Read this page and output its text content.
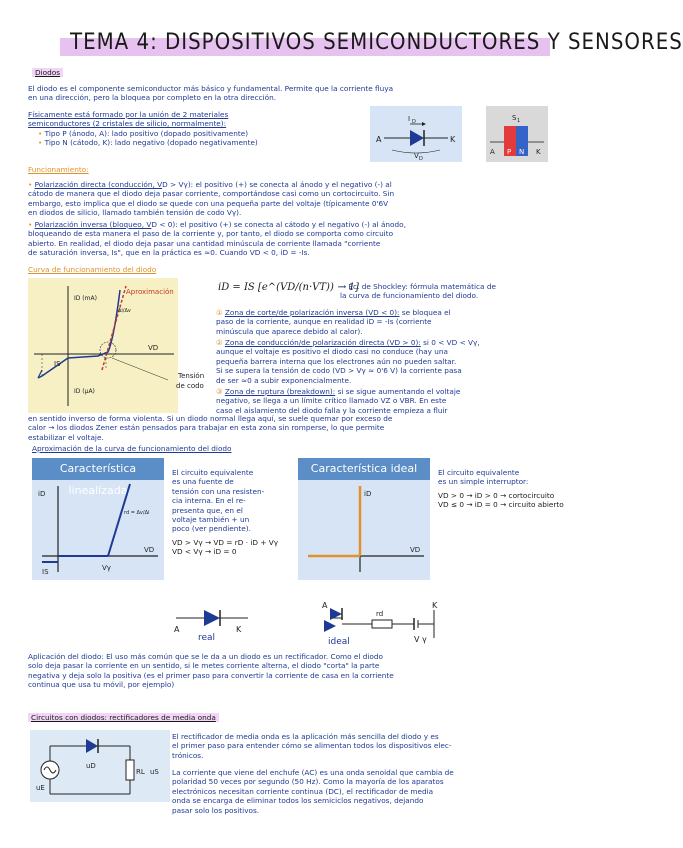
TEMA 4: DISPOSITIVOS SEMICONDUCTORES Y SENSORES
Diodos
El diodo es el componente semiconductor más básico y fundamental. Permite que la corriente fluya
en una dirección, pero la bloquea por completo en la otra dirección.
Físicamente está formado por la unión de 2 materiales
semiconductores (2 cristales de silicio, normalmente):
• Tipo P (ánodo, A): lado positivo (dopado positivamente)
• Tipo N (cátodo, K): lado negativo (dopado negativamente)	A	K
I D
V D
A P N K
S 1
Funcionamiento:
• Polarización directa (conducción, VD > Vγ): el positivo (+) se conecta al ánodo y el negativo (-) al
cátodo de manera que el diodo deja pasar corriente, comportándose casi como un cortocircuito. Sin
embargo, esto implica que el diodo se quede con una pequeña parte del voltaje (típicamente 0'6V
en diodos de silicio, llamado también tensión de codo Vγ).
• Polarización inversa (bloqueo, VD < 0): el positivo (+) se conecta al cátodo y el negativo (-) al ánodo,
bloqueando de esta manera el paso de la corriente y, por tanto, el diodo se comporta como circuito
abierto. En realidad, el diodo deja pasar una cantidad minúscula de corriente llamada "corriente
de saturación inversa, Is", que en la práctica es ≈0. Cuando VD < 0, iD = -Is.
Curva de funcionamiento del diodo
ID (mA)
Aproximación
Δi/Δv
VD
IS
ID (μA)
Tensión
de codo
iD = IS [e^(VD/(n·VT)) − 1]
→ Ec. de Shockley: fórmula matemática de
la curva de funcionamiento del diodo.
① Zona de corte/de polarización inversa (VD < 0): se bloquea el
paso de la corriente, aunque en realidad iD = -Is (corriente
minúscula que aparece debido al calor).
② Zona de conducción/de polarización directa (VD > 0): si 0 < VD < Vγ,
aunque el voltaje es positivo el diodo casi no conduce (hay una
pequeña barrera interna que los electrones aún no pueden saltar.
Si se supera la tensión de codo (VD > Vγ ≈ 0'6 V) la corriente pasa
de ser ≈0 a subir exponencialmente.
③ Zona de ruptura (breakdown): si se sigue aumentando el voltaje
negativo, se llega a un límite crítico llamado VZ o VBR. En este
caso el aislamiento del diodo falla y la corriente empieza a fluir
en sentido inverso de forma violenta. Si un diodo normal llega aquí, se suele quemar por exceso de
calor → los diodos Zener están pensados para trabajar en esta zona sin romperse, lo que permite
estabilizar el voltaje.
Aproximación de la curva de funcionamiento del diodo
Característica linealizada
iD
VD
IS	Vγ
rd = Δv/Δi
El circuito equivalente
es una fuente de
tensión con una resisten-
cia interna. En el re-
presenta que, en el
voltaje también + un
poco (ver pendiente).
VD > Vγ → VD = rD · iD + Vγ
VD < Vγ → iD = 0
Característica ideal
iD
VD
El circuito equivalente
es un simple interruptor:
VD > 0 → iD > 0 → cortocircuito
VD ≤ 0 → iD = 0 → circuito abierto
A	K
real
A	K
rd
V γ
ideal
Aplicación del diodo: El uso más común que se le da a un diodo es un rectificador. Como el diodo
solo deja pasar la corriente en un sentido, si le metes corriente alterna, el diodo "corta" la parte
negativa y deja solo la positiva (es el primer paso para convertir la corriente de casa en la corriente
continua que usa tu móvil, por ejemplo)
Circuitos con diodos: rectificadores de media onda
uD
RL uS
uE
El rectificador de media onda es la aplicación más sencilla del diodo y es
el primer paso para entender cómo se alimentan todos los dispositivos elec-
trónicos.
La corriente que viene del enchufe (AC) es una onda senoidal que cambia de
polaridad 50 veces por segundo (50 Hz). Como la mayoría de los aparatos
electrónicos necesitan corriente continua (DC), el rectificador de media
onda se encarga de eliminar todos los semiciclos negativos, dejando
pasar solo los positivos.
